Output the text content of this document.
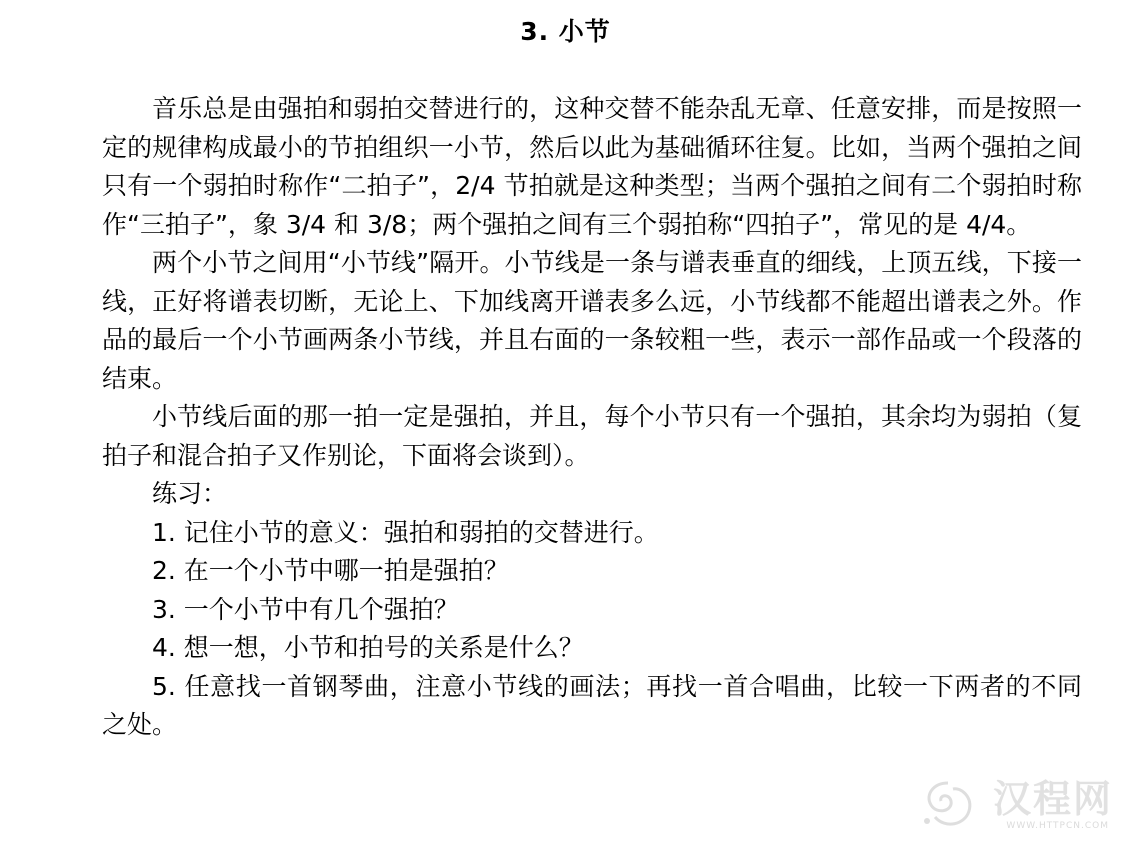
3. 小节

音乐总是由强拍和弱拍交替进行的，这种交替不能杂乱无章、任意安排，而是按照一定的规律构成最小的节拍组织一小节，然后以此为基础循环往复。比如，当两个强拍之间只有一个弱拍时称作“二拍子”，2/4 节拍就是这种类型；当两个强拍之间有二个弱拍时称作“三拍子”，象 3/4 和 3/8；两个强拍之间有三个弱拍称“四拍子”，常见的是 4/4。

两个小节之间用“小节线”隔开。小节线是一条与谱表垂直的细线，上顶五线，下接一线，正好将谱表切断，无论上、下加线离开谱表多么远，小节线都不能超出谱表之外。作品的最后一个小节画两条小节线，并且右面的一条较粗一些，表示一部作品或一个段落的结束。

小节线后面的那一拍一定是强拍，并且，每个小节只有一个强拍，其余均为弱拍（复拍子和混合拍子又作别论，下面将会谈到）。

练习：

1. 记住小节的意义：强拍和弱拍的交替进行。

2. 在一个小节中哪一拍是强拍？

3. 一个小节中有几个强拍？

4. 想一想，小节和拍号的关系是什么？

5. 任意找一首钢琴曲，注意小节线的画法；再找一首合唱曲，比较一下两者的不同之处。

汉程网
WWW.HTTPCN.COM
